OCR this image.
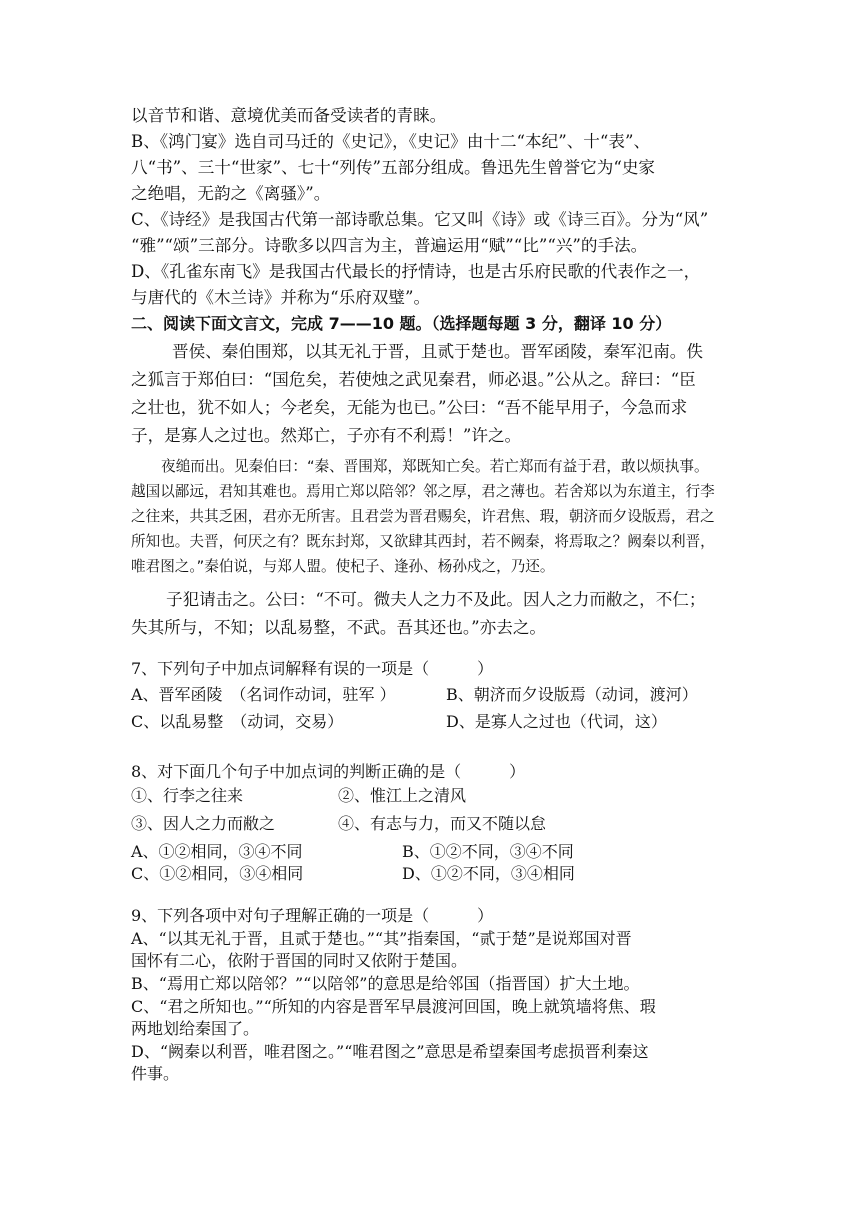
以音节和谐、意境优美而备受读者的青睐。
B、《鸿门宴》选自司马迁的《史记》，《史记》由十二“本纪”、十“表”、
八“书”、三十“世家”、七十“列传”五部分组成。鲁迅先生曾誉它为“史家
之绝唱，无韵之《离骚》”。
C、《诗经》是我国古代第一部诗歌总集。它又叫《诗》或《诗三百》。分为“风”
“雅”“颂”三部分。诗歌多以四言为主，普遍运用“赋”“比”“兴”的手法。
D、《孔雀东南飞》是我国古代最长的抒情诗，也是古乐府民歌的代表作之一，
与唐代的《木兰诗》并称为“乐府双璧”。
二、阅读下面文言文，完成 7——10 题。（选择题每题 3 分，翻译 10 分）
晋侯、秦伯围郑，以其无礼于晋，且贰于楚也。晋军函陵，秦军氾南。佚
之狐言于郑伯曰：“国危矣，若使烛之武见秦君，师必退。”公从之。辞曰：“臣
之壮也，犹不如人；今老矣，无能为也已。”公曰：“吾不能早用子，今急而求
子，是寡人之过也。然郑亡，子亦有不利焉！”许之。
夜缒而出。见秦伯曰：“秦、晋围郑，郑既知亡矣。若亡郑而有益于君，敢以烦执事。
越国以鄙远，君知其难也。焉用亡郑以陪邻？邻之厚，君之薄也。若舍郑以为东道主，行李
之往来，共其乏困，君亦无所害。且君尝为晋君赐矣，许君焦、瑕，朝济而夕设版焉，君之
所知也。夫晋，何厌之有？既东封郑，又欲肆其西封，若不阙秦，将焉取之？阙秦以利晋，
唯君图之。”秦伯说，与郑人盟。使杞子、逢孙、杨孙戍之，乃还。
子犯请击之。公曰：“不可。微夫人之力不及此。因人之力而敝之，不仁；
失其所与，不知；以乱易整，不武。吾其还也。”亦去之。
7、下列句子中加点词解释有误的一项是（　　　）
A、晋军函陵　（名词作动词，驻军 ）	B、朝济而夕设版焉（动词，渡河）
C、以乱易整　（动词，交易）	D、是寡人之过也（代词，这）
8、对下面几个句子中加点词的判断正确的是（　　　）
①、行李之往来	②、惟江上之清风
③、因人之力而敝之	④、有志与力，而又不随以怠
A、①②相同，③④不同	B、①②不同，③④不同
C、①②相同，③④相同	D、①②不同，③④相同
9、下列各项中对句子理解正确的一项是（　　　）
A、“以其无礼于晋，且贰于楚也。”“其”指秦国，“贰于楚”是说郑国对晋
国怀有二心，依附于晋国的同时又依附于楚国。
B、“焉用亡郑以陪邻？”“以陪邻”的意思是给邻国（指晋国）扩大土地。
C、“君之所知也。”“所知的内容是晋军早晨渡河回国，晚上就筑墙将焦、瑕
两地划给秦国了。
D、“阙秦以利晋，唯君图之。”“唯君图之”意思是希望秦国考虑损晋利秦这
件事。
